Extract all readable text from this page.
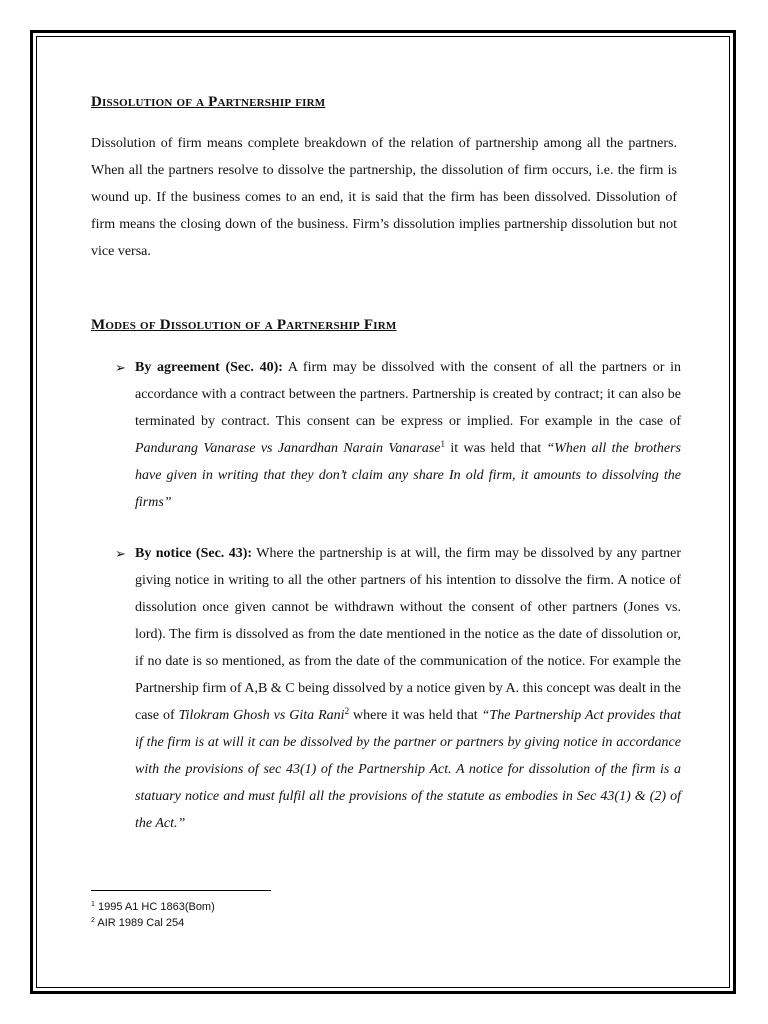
Dissolution of a Partnership firm

Dissolution of firm means complete breakdown of the relation of partnership among all the partners. When all the partners resolve to dissolve the partnership, the dissolution of firm occurs, i.e. the firm is wound up. If the business comes to an end, it is said that the firm has been dissolved. Dissolution of firm means the closing down of the business. Firm’s dissolution implies partnership dissolution but not vice versa.

Modes of Dissolution of a Partnership Firm
➢ By agreement (Sec. 40): A firm may be dissolved with the consent of all the partners or in accordance with a contract between the partners. Partnership is created by contract; it can also be terminated by contract. This consent can be express or implied. For example in the case of Pandurang Vanarase vs Janardhan Narain Vanarase$^1$ it was held that “When all the brothers have given in writing that they don’t claim any share In old firm, it amounts to dissolving the firms”

➢ By notice (Sec. 43): Where the partnership is at will, the firm may be dissolved by any partner giving notice in writing to all the other partners of his intention to dissolve the firm. A notice of dissolution once given cannot be withdrawn without the consent of other partners (Jones vs. lord). The firm is dissolved as from the date mentioned in the notice as the date of dissolution or, if no date is so mentioned, as from the date of the communication of the notice. For example the Partnership firm of A,B & C being dissolved by a notice given by A. this concept was dealt in the case of Tilokram Ghosh vs Gita Rani$^2$ where it was held that “The Partnership Act provides that if the firm is at will it can be dissolved by the partner or partners by giving notice in accordance with the provisions of sec 43(1) of the Partnership Act. A notice for dissolution of the firm is a statuary notice and must fulfil all the provisions of the statute as embodies in Sec 43(1) & (2) of the Act.”

$^1$ 1995 A1 HC 1863(Bom)
$^2$ AIR 1989 Cal 254
